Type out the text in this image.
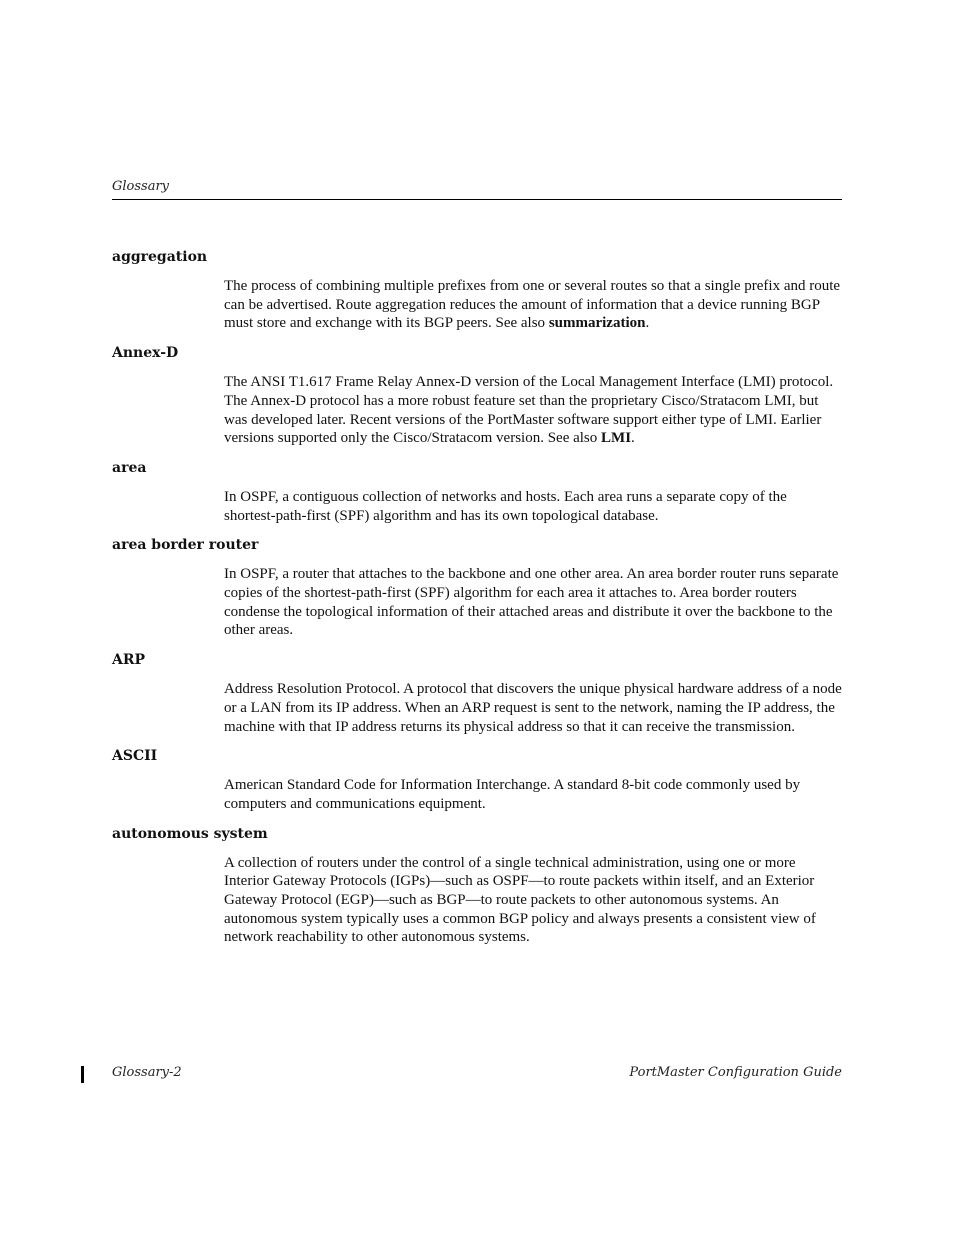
Glossary

aggregation

The process of combining multiple prefixes from one or several routes so that a single prefix and route can be advertised. Route aggregation reduces the amount of information that a device running BGP must store and exchange with its BGP peers. See also summarization.

Annex-D

The ANSI T1.617 Frame Relay Annex-D version of the Local Management Interface (LMI) protocol. The Annex-D protocol has a more robust feature set than the proprietary Cisco/Stratacom LMI, but was developed later. Recent versions of the PortMaster software support either type of LMI. Earlier versions supported only the Cisco/Stratacom version. See also LMI.

area

In OSPF, a contiguous collection of networks and hosts. Each area runs a separate copy of the shortest-path-first (SPF) algorithm and has its own topological database.

area border router

In OSPF, a router that attaches to the backbone and one other area. An area border router runs separate copies of the shortest-path-first (SPF) algorithm for each area it attaches to. Area border routers condense the topological information of their attached areas and distribute it over the backbone to the other areas.

ARP

Address Resolution Protocol. A protocol that discovers the unique physical hardware address of a node or a LAN from its IP address. When an ARP request is sent to the network, naming the IP address, the machine with that IP address returns its physical address so that it can receive the transmission.

ASCII

American Standard Code for Information Interchange. A standard 8-bit code commonly used by computers and communications equipment.

autonomous system

A collection of routers under the control of a single technical administration, using one or more Interior Gateway Protocols (IGPs)—such as OSPF—to route packets within itself, and an Exterior Gateway Protocol (EGP)—such as BGP—to route packets to other autonomous systems. An autonomous system typically uses a common BGP policy and always presents a consistent view of network reachability to other autonomous systems.

Glossary-2	PortMaster Configuration Guide
